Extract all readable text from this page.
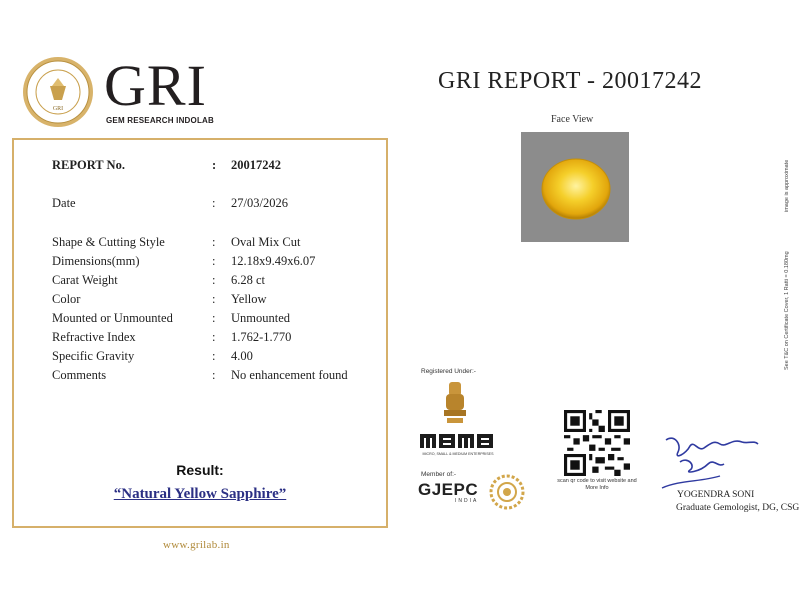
GRI GRI
GEM RESEARCH INDOLAB
GRI REPORT - 20017242
Face View
REPORT No.	: 20017242
Date	: 27/03/2026
Shape & Cutting Style	: Oval Mix Cut
Dimensions(mm)	: 12.18x9.49x6.07
Carat Weight	: 6.28 ct
Color	: Yellow
Mounted or Unmounted	: Unmounted
Refractive Index	: 1.762-1.770
Specific Gravity	: 4.00
Comments	: No enhancement found
Result:
“Natural Yellow Sapphire”
www.grilab.in
Registered Under:-
MICRO, SMALL & MEDIUM ENTERPRISES
Member of:-
GJEPC
INDIA
scan qr code to visit website and More Info
Yogendra Soni
YOGENDRA SONI
Graduate Gemologist, DG, CSG
See T&C on Certificate Cover, 1 Ratti = 0.180mg
image is approximate
